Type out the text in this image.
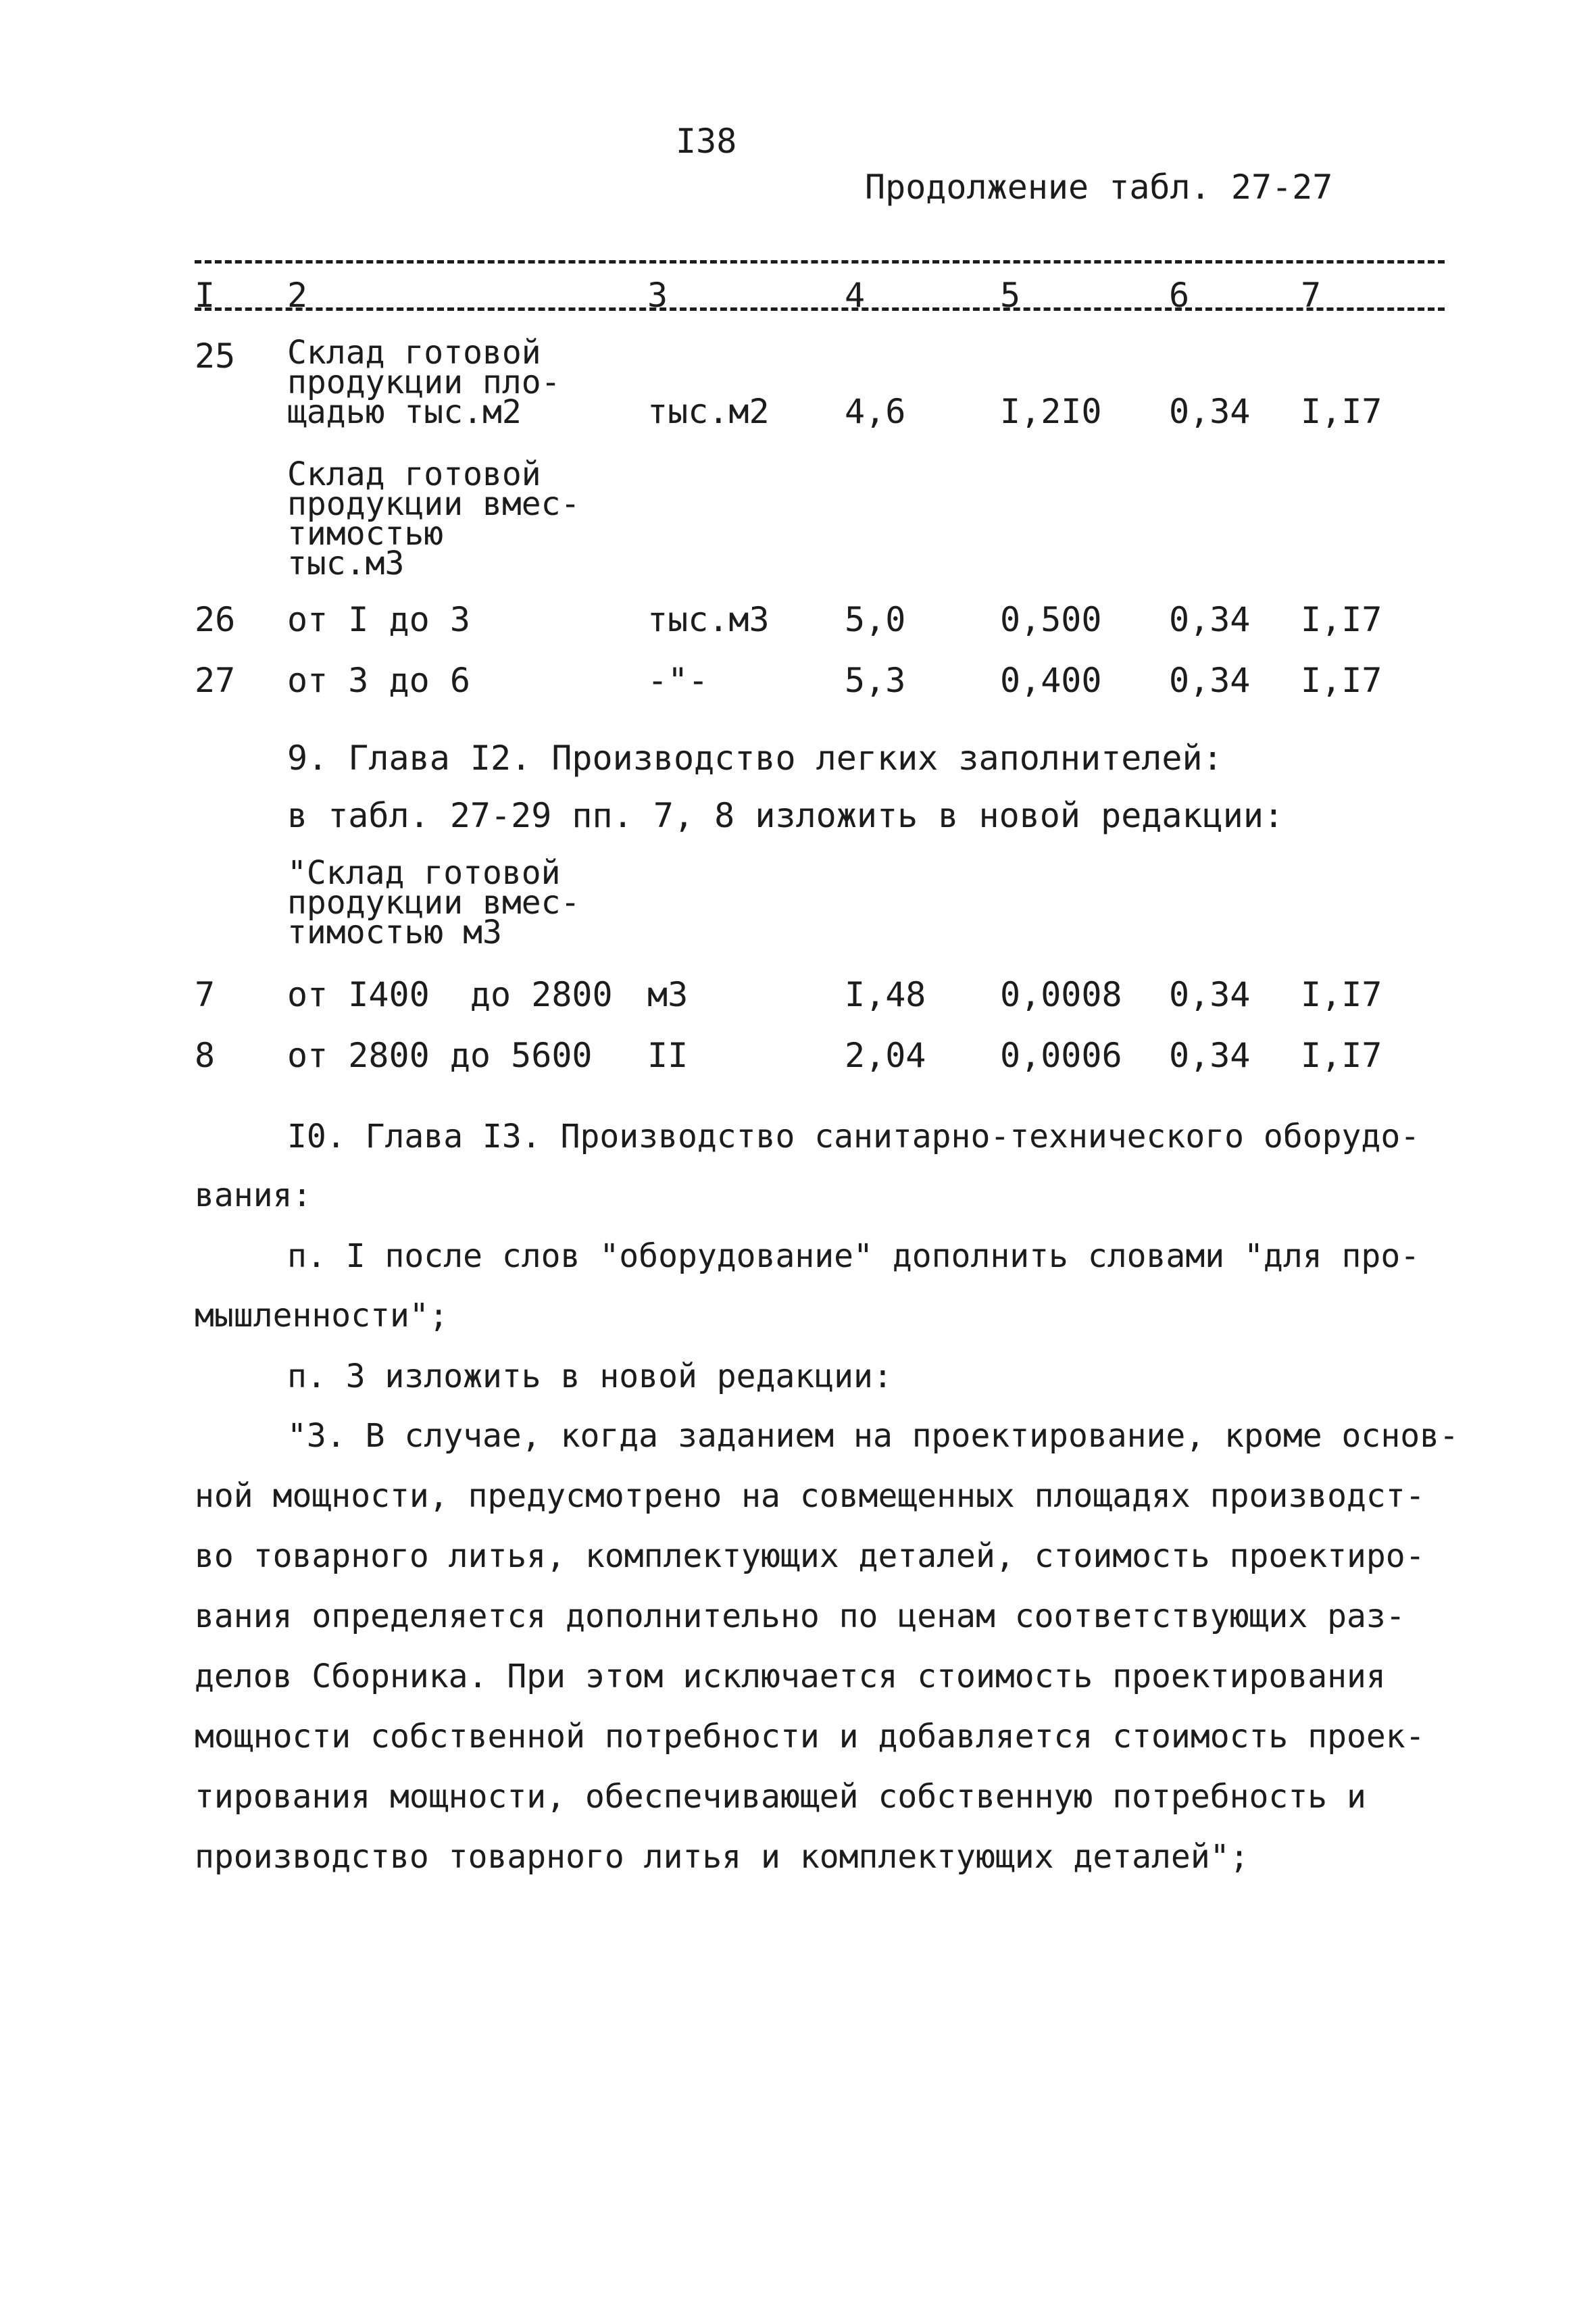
I38
Продолжение табл. 27-27
I 2	3	4	5	6	7
25 Склад готовой
продукции пло-
щадью тыс.м2	тыс.м2 4,6	I,2I0 0,34 I,I7
Склад готовой
продукции вмес-
тимостью
тыс.м3
26 от I до 3	тыс.м3 5,0	0,500 0,34 I,I7
27 от 3 до 6	-"-	5,3	0,400 0,34 I,I7
9. Глава I2. Производство легких заполнителей:
в табл. 27-29 пп. 7, 8 изложить в новой редакции:
"Склад готовой
продукции вмес-
тимостью м3
7 от I400  до 2800 м3	I,48 0,0008 0,34 I,I7
8 от 2800 до 5600 II	2,04 0,0006 0,34 I,I7
I0. Глава I3. Производство санитарно-технического оборудо-
вания:
п. I после слов "оборудование" дополнить словами "для про-
мышленности";
п. 3 изложить в новой редакции:
"3. В случае, когда заданием на проектирование, кроме основ-
ной мощности, предусмотрено на совмещенных площадях производст-
во товарного литья, комплектующих деталей, стоимость проектиро-
вания определяется дополнительно по ценам соответствующих раз-
делов Сборника. При этом исключается стоимость проектирования
мощности собственной потребности и добавляется стоимость проек-
тирования мощности, обеспечивающей собственную потребность и
производство товарного литья и комплектующих деталей";
